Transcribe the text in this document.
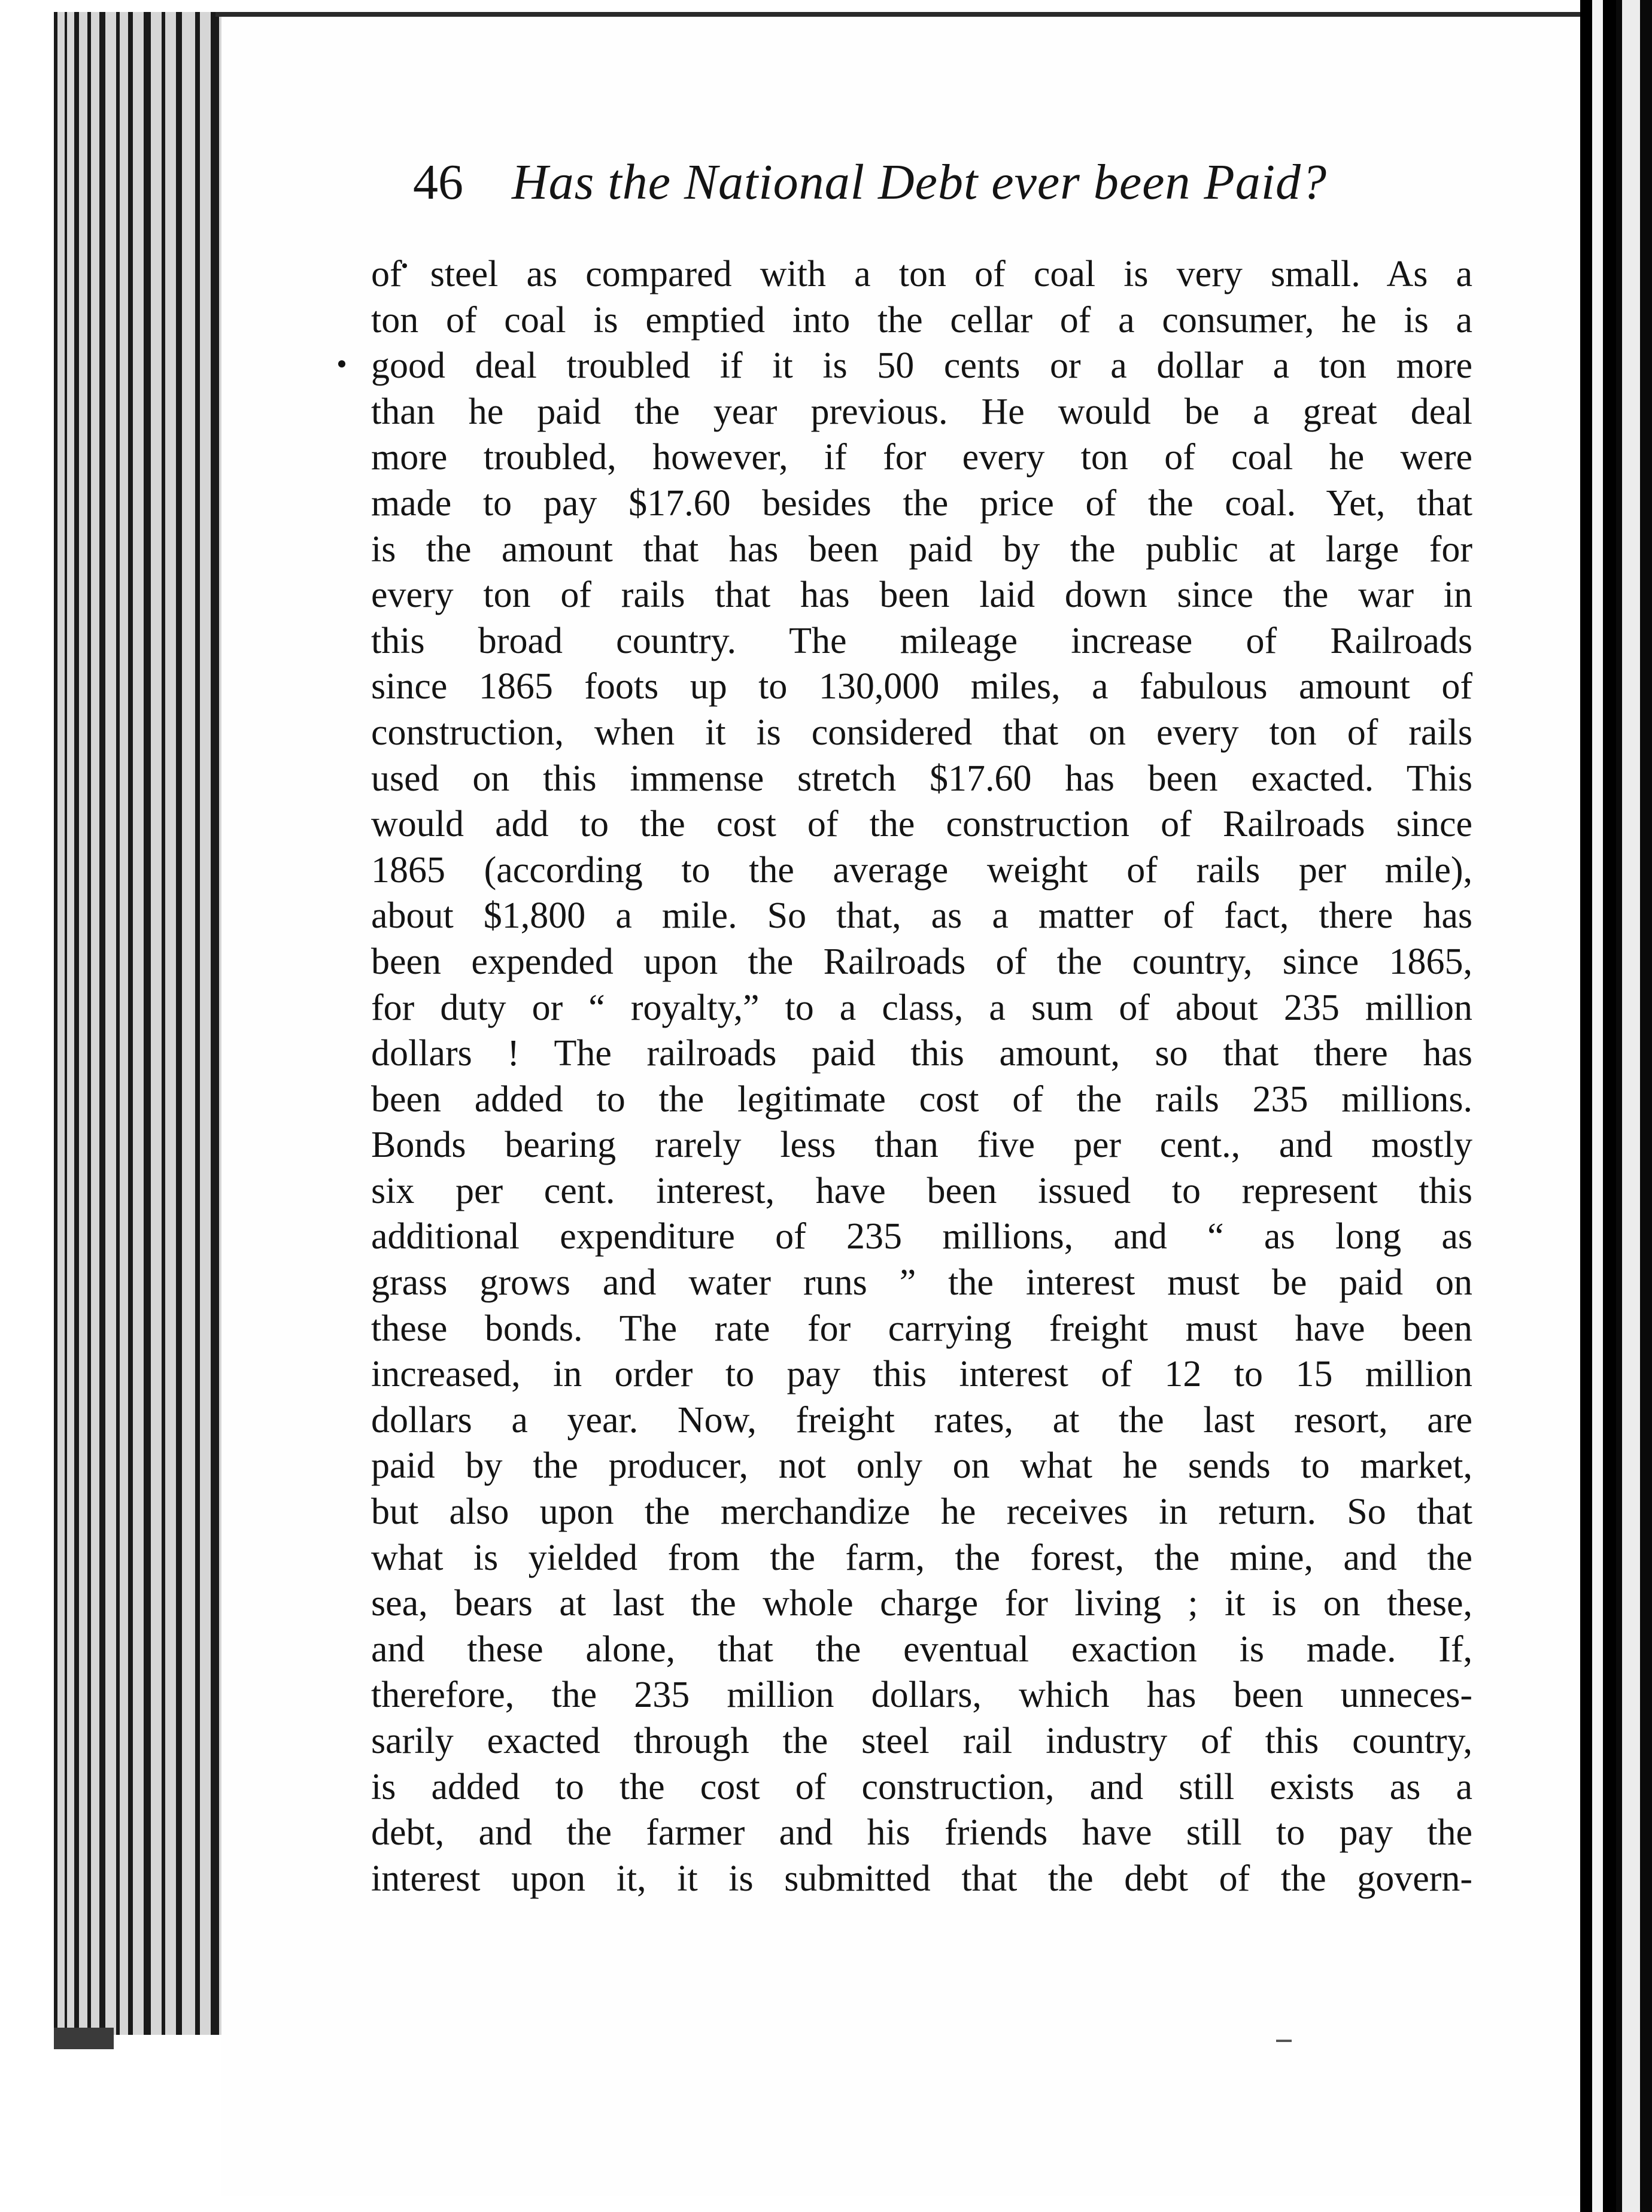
46 Has the National Debt ever been Paid?
of steel as compared with a ton of coal is very small. As a
ton of coal is emptied into the cellar of a consumer, he is a
good deal troubled if it is 50 cents or a dollar a ton more
than he paid the year previous. He would be a great deal
more troubled, however, if for every ton of coal he were
made to pay $17.60 besides the price of the coal. Yet, that
is the amount that has been paid by the public at large for
every ton of rails that has been laid down since the war in
this broad country. The mileage increase of Railroads
since 1865 foots up to 130,000 miles, a fabulous amount of
construction, when it is considered that on every ton of rails
used on this immense stretch $17.60 has been exacted. This
would add to the cost of the construction of Railroads since
1865 (according to the average weight of rails per mile),
about $1,800 a mile. So that, as a matter of fact, there has
been expended upon the Railroads of the country, since 1865,
for duty or “ royalty,” to a class, a sum of about 235 million
dollars ! The railroads paid this amount, so that there has
been added to the legitimate cost of the rails 235 millions.
Bonds bearing rarely less than five per cent., and mostly
six per cent. interest, have been issued to represent this
additional expenditure of 235 millions, and “ as long as
grass grows and water runs ” the interest must be paid on
these bonds. The rate for carrying freight must have been
increased, in order to pay this interest of 12 to 15 million
dollars a year. Now, freight rates, at the last resort, are
paid by the producer, not only on what he sends to market,
but also upon the merchandize he receives in return. So that
what is yielded from the farm, the forest, the mine, and the
sea, bears at last the whole charge for living ; it is on these,
and these alone, that the eventual exaction is made. If,
therefore, the 235 million dollars, which has been unneces-
sarily exacted through the steel rail industry of this country,
is added to the cost of construction, and still exists as a
debt, and the farmer and his friends have still to pay the
interest upon it, it is submitted that the debt of the govern-
